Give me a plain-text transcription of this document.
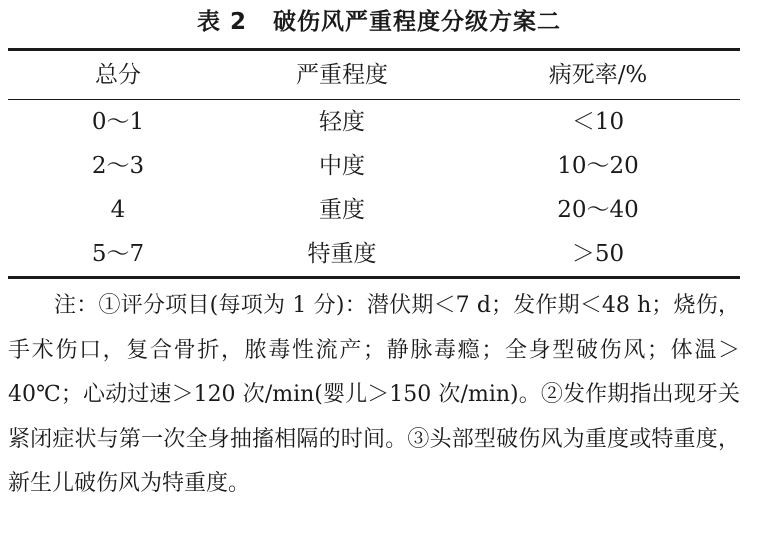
表 2 破伤风严重程度分级方案二
总分	严重程度	病死率/%
0～1	轻度	＜10
2～3	中度	10～20
4	重度	20～40
5～7	特重度	＞50

注：①评分项目(每项为 1 分)：潜伏期＜7 d；发作期＜48 h；烧伤，手术伤口，复合骨折，脓毒性流产；静脉毒瘾；全身型破伤风；体温＞40℃；心动过速＞120 次/min(婴儿＞150 次/min)。②发作期指出现牙关紧闭症状与第一次全身抽搐相隔的时间。③头部型破伤风为重度或特重度，新生儿破伤风为特重度。
